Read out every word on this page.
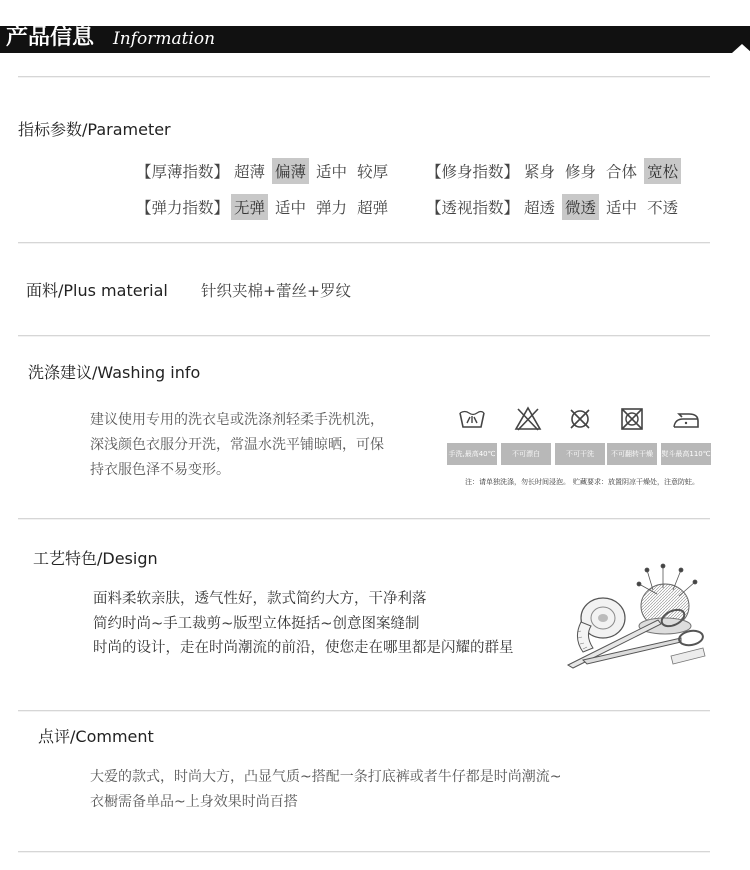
产品信息 Information
指标参数/Parameter
【厚薄指数】 超薄 偏薄 适中 较厚 【修身指数】 紧身 修身 合体 宽松
【弹力指数】 无弹 适中 弹力 超弹 【透视指数】 超透 微透 适中 不透
面料/Plus material 针织夹棉+蕾丝+罗纹
洗涤建议/Washing info
建议使用专用的洗衣皂或洗涤剂轻柔手洗机洗，
深浅颜色衣服分开洗，常温水洗平铺晾晒，可保
持衣服色泽不易变形。
手洗,最高40℃	不可漂白	不可干洗	不可翻转干燥	熨斗最高110℃
注：请单独洗涤，勿长时间浸泡。 贮藏要求：放置阴凉干燥处，注意防蛀。
工艺特色/Design
面料柔软亲肤，透气性好，款式简约大方，干净利落
简约时尚~手工裁剪~版型立体挺括~创意图案缝制
时尚的设计，走在时尚潮流的前沿，使您走在哪里都是闪耀的群星
点评/Comment
大爱的款式，时尚大方，凸显气质~搭配一条打底裤或者牛仔都是时尚潮流~
衣橱需备单品~上身效果时尚百搭
